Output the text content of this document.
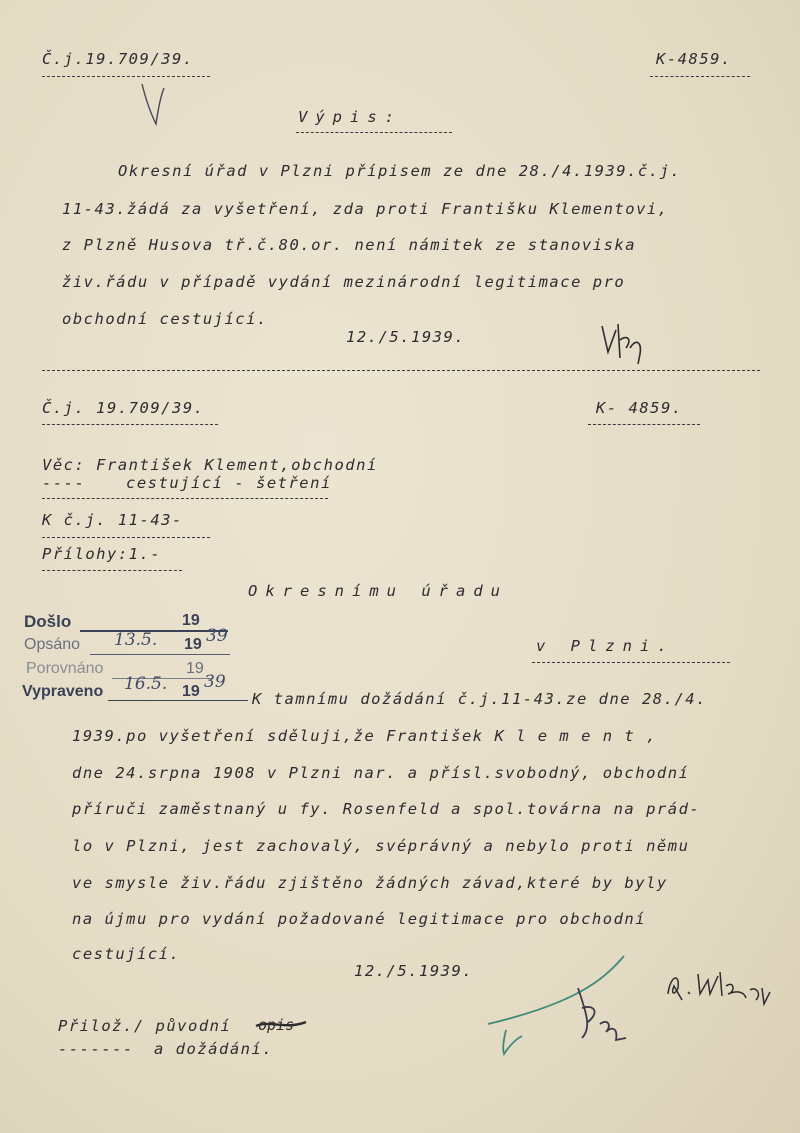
Č.j.19.709/39.	K-4859.
Výpis:
Okresní úřad v Plzni přípisem ze dne 28./4.1939.č.j.
11-43.žádá za vyšetření, zda proti Františku Klementovi,
z Plzně Husova tř.č.80.or. není námitek ze stanoviska
živ.řádu v případě vydání mezinárodní legitimace pro
obchodní cestující.
12./5.1939.
Č.j. 19.709/39.	K- 4859.
Věc: František Klement,obchodní
----	cestující - šetření
K č.j. 11-43-
Přílohy:1.-
Okresnímu úřadu
v Plzni.
Došlo	19
Opsáno 13.5. 19 39
Porovnáno	19
Vypraveno 16.5. 19 39
K tamnímu dožádání č.j.11-43.ze dne 28./4.
1939.po vyšetření sděluji,že František K l e m e n t ,
dne 24.srpna 1908 v Plzni nar. a přísl.svobodný, obchodní
příruči zaměstnaný u fy. Rosenfeld a spol.továrna na prád-
lo v Plzni, jest zachovalý, svéprávný a nebylo proti němu
ve smysle živ.řádu zjištěno žádných závad,které by byly
na újmu pro vydání požadované legitimace pro obchodní
cestující.
12./5.1939.
Přilož./ původní opis
------- a dožádání.
